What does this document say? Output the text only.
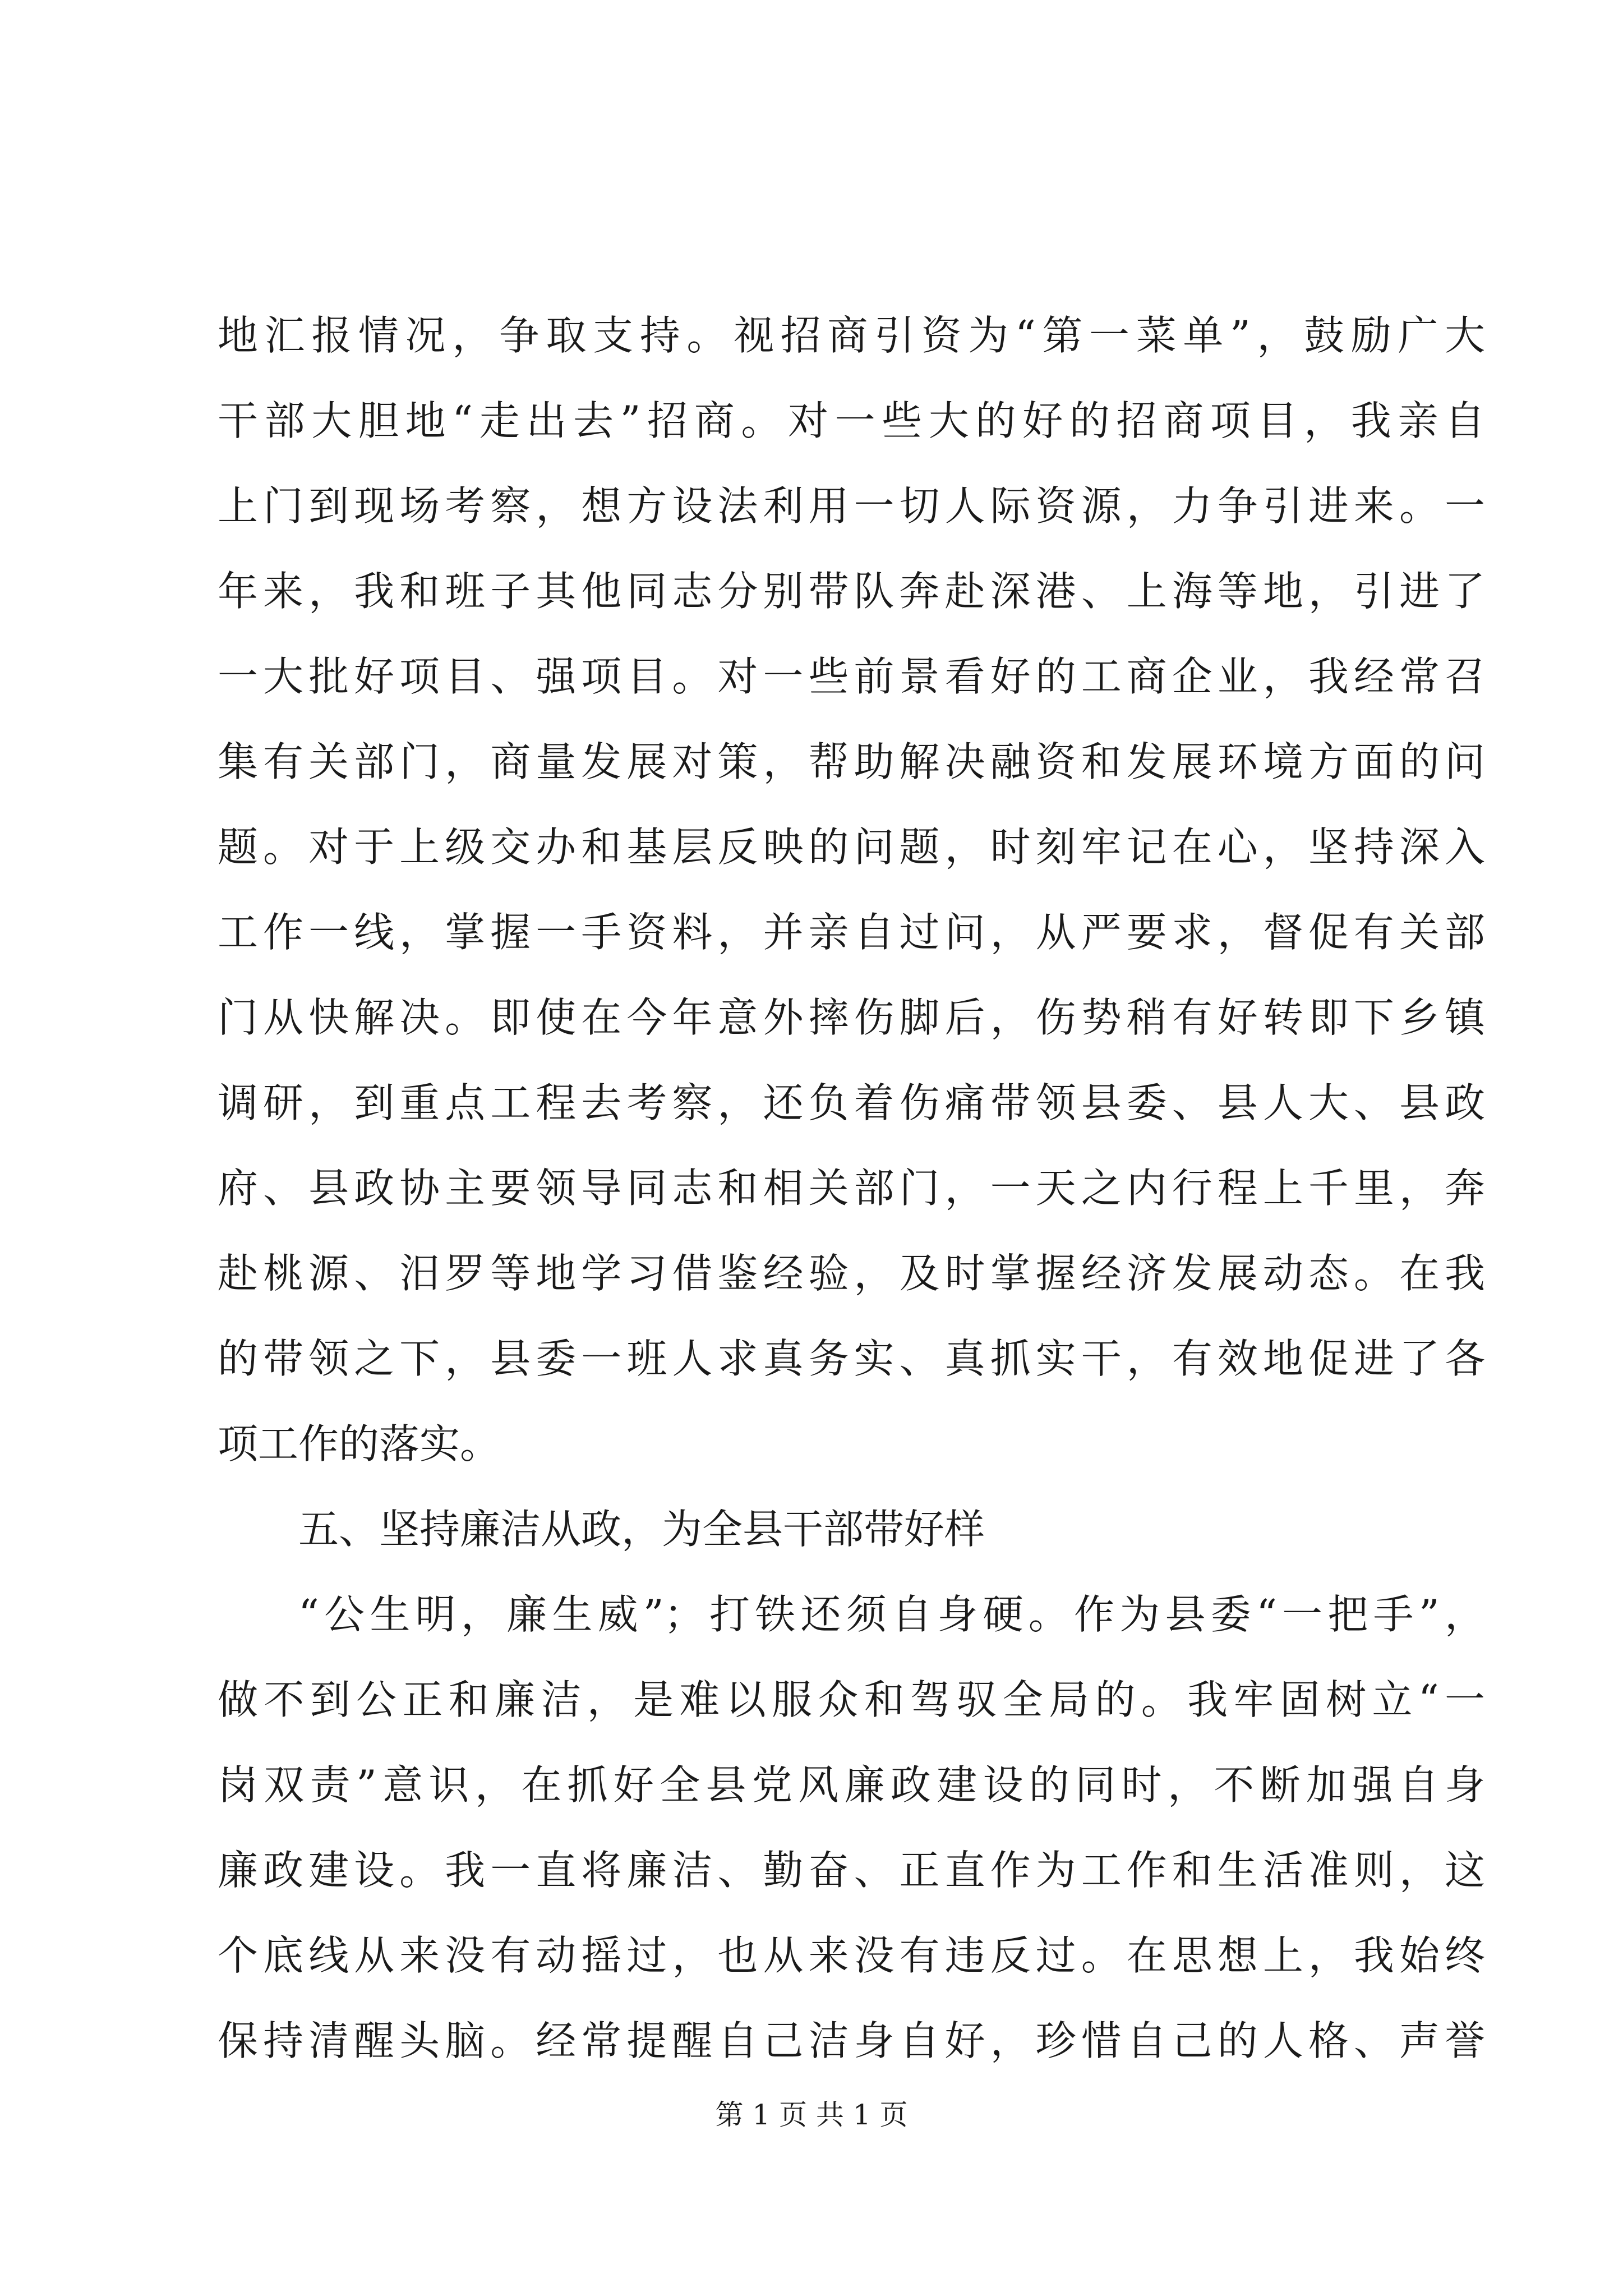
地汇报情况，争取支持。视招商引资为“第一菜单”，鼓励广大
干部大胆地“走出去”招商。对一些大的好的招商项目，我亲自
上门到现场考察，想方设法利用一切人际资源，力争引进来。一
年来，我和班子其他同志分别带队奔赴深港、上海等地，引进了
一大批好项目、强项目。对一些前景看好的工商企业，我经常召
集有关部门，商量发展对策，帮助解决融资和发展环境方面的问
题。对于上级交办和基层反映的问题，时刻牢记在心，坚持深入
工作一线，掌握一手资料，并亲自过问，从严要求，督促有关部
门从快解决。即使在今年意外摔伤脚后，伤势稍有好转即下乡镇
调研，到重点工程去考察，还负着伤痛带领县委、县人大、县政
府、县政协主要领导同志和相关部门，一天之内行程上千里，奔
赴桃源、汨罗等地学习借鉴经验，及时掌握经济发展动态。在我
的带领之下，县委一班人求真务实、真抓实干，有效地促进了各
项工作的落实。
五、坚持廉洁从政，为全县干部带好样
“公生明，廉生威”；打铁还须自身硬。作为县委“一把手”，
做不到公正和廉洁，是难以服众和驾驭全局的。我牢固树立“一
岗双责”意识，在抓好全县党风廉政建设的同时，不断加强自身
廉政建设。我一直将廉洁、勤奋、正直作为工作和生活准则，这
个底线从来没有动摇过，也从来没有违反过。在思想上，我始终
保持清醒头脑。经常提醒自己洁身自好，珍惜自己的人格、声誉
第 1 页 共 1 页
